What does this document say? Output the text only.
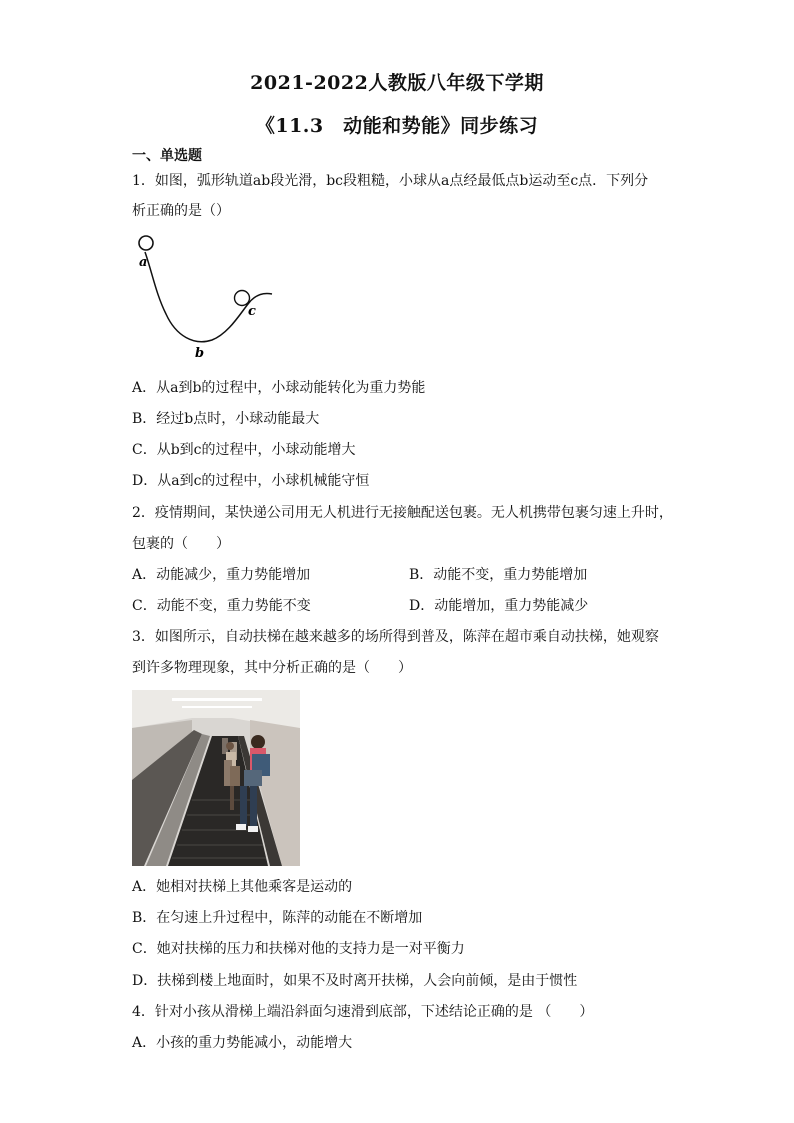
2021-2022人教版八年级下学期
《11.3　动能和势能》同步练习
一、单选题
1．如图，弧形轨道ab段光滑，bc段粗糙，小球从a点经最低点b运动至c点．下列分
析正确的是（）
a
b
c
A．从a到b的过程中，小球动能转化为重力势能
B．经过b点时，小球动能最大
C．从b到c的过程中，小球动能增大
D．从a到c的过程中，小球机械能守恒
2．疫情期间，某快递公司用无人机进行无接触配送包裹。无人机携带包裹匀速上升时，
包裹的（　　）
A．动能减少，重力势能增加	B．动能不变，重力势能增加
C．动能不变，重力势能不变	D．动能增加，重力势能减少
3．如图所示，自动扶梯在越来越多的场所得到普及，陈萍在超市乘自动扶梯，她观察
到许多物理现象，其中分析正确的是（　　）
A．她相对扶梯上其他乘客是运动的
B．在匀速上升过程中，陈萍的动能在不断增加
C．她对扶梯的压力和扶梯对他的支持力是一对平衡力
D．扶梯到楼上地面时，如果不及时离开扶梯，人会向前倾，是由于惯性
4．针对小孩从滑梯上端沿斜面匀速滑到底部，下述结论正确的是 （　　）
A．小孩的重力势能减小，动能增大
